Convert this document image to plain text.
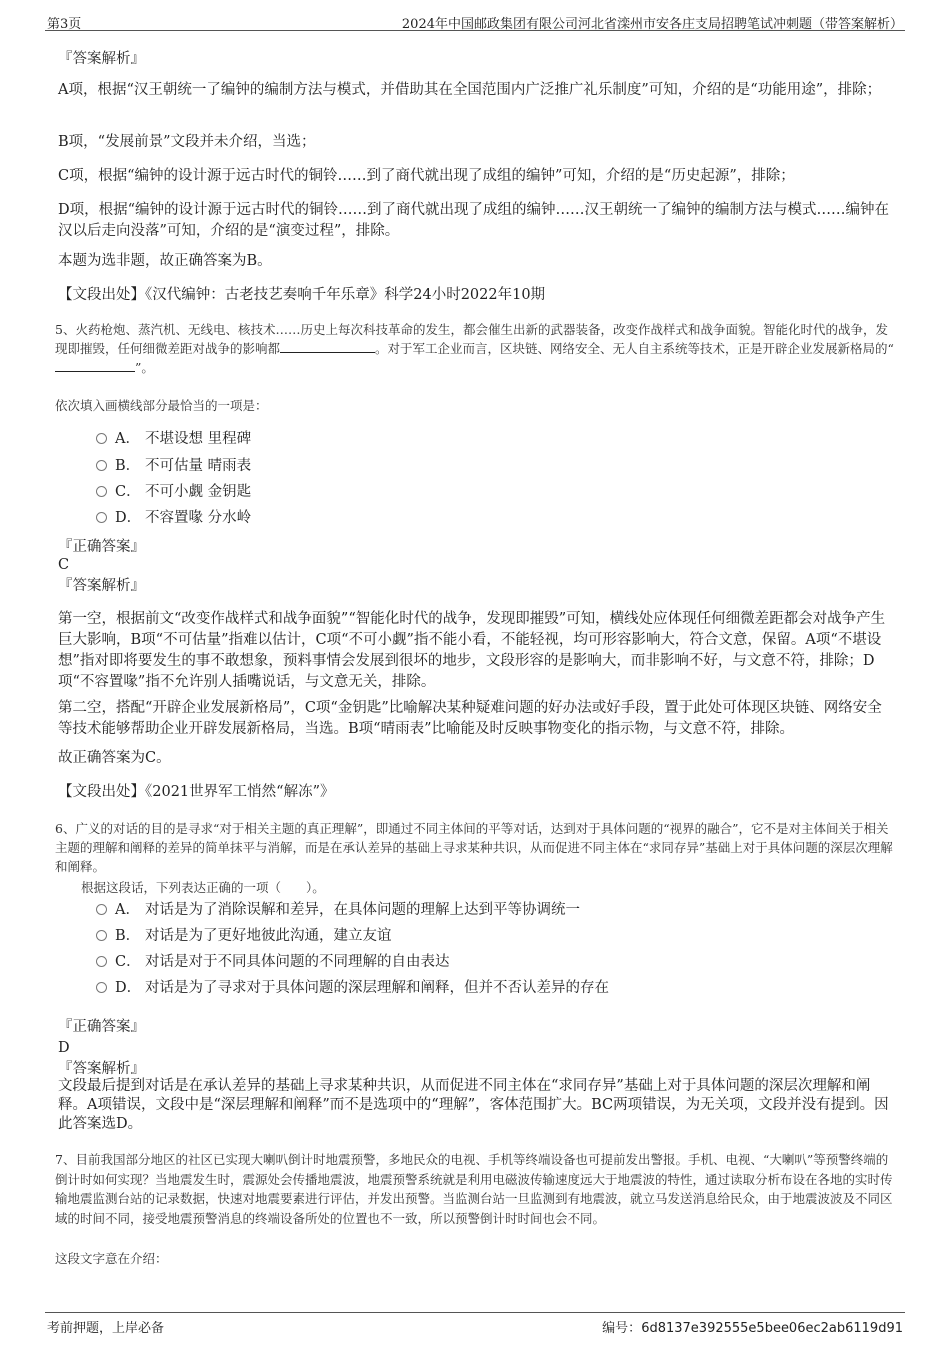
第3页	2024年中国邮政集团有限公司河北省滦州市安各庄支局招聘笔试冲刺题（带答案解析）
『答案解析』
A项，根据“汉王朝统一了编钟的编制方法与模式，并借助其在全国范围内广泛推广礼乐制度”可知，介绍的是“功能用途”，排除；
B项，“发展前景”文段并未介绍，当选；
C项，根据“编钟的设计源于远古时代的铜铃……到了商代就出现了成组的编钟”可知，介绍的是“历史起源”，排除；
D项，根据“编钟的设计源于远古时代的铜铃……到了商代就出现了成组的编钟……汉王朝统一了编钟的编制方法与模式……编钟在汉以后走向没落”可知，介绍的是“演变过程”，排除。
本题为选非题，故正确答案为B。
【文段出处】《汉代编钟：古老技艺奏响千年乐章》科学24小时2022年10期
5、火药枪炮、蒸汽机、无线电、核技术……历史上每次科技革命的发生，都会催生出新的武器装备，改变作战样式和战争面貌。智能化时代的战争，发现即摧毁，任何细微差距对战争的影响都	。对于军工企业而言，区块链、网络安全、无人自主系统等技术，正是开辟企业发展新格局的“”。
依次填入画横线部分最恰当的一项是：
A． 不堪设想 里程碑
B． 不可估量 晴雨表
C． 不可小觑 金钥匙
D． 不容置喙 分水岭
『正确答案』
C
『答案解析』
第一空，根据前文“改变作战样式和战争面貌”“智能化时代的战争，发现即摧毁”可知，横线处应体现任何细微差距都会对战争产生巨大影响，B项“不可估量”指难以估计，C项“不可小觑”指不能小看，不能轻视，均可形容影响大，符合文意，保留。A项“不堪设想”指对即将要发生的事不敢想象，预料事情会发展到很坏的地步，文段形容的是影响大，而非影响不好，与文意不符，排除；D项“不容置喙”指不允许别人插嘴说话，与文意无关，排除。
第二空，搭配“开辟企业发展新格局”，C项“金钥匙”比喻解决某种疑难问题的好办法或好手段，置于此处可体现区块链、网络安全等技术能够帮助企业开辟发展新格局，当选。B项“晴雨表”比喻能及时反映事物变化的指示物，与文意不符，排除。
故正确答案为C。
【文段出处】《2021世界军工悄然“解冻”》
6、广义的对话的目的是寻求“对于相关主题的真正理解”，即通过不同主体间的平等对话，达到对于具体问题的“视界的融合”，它不是对主体间关于相关主题的理解和阐释的差异的简单抹平与消解，而是在承认差异的基础上寻求某种共识，从而促进不同主体在“求同存异”基础上对于具体问题的深层次理解和阐释。
根据这段话，下列表达正确的一项（　　）。
A． 对话是为了消除误解和差异，在具体问题的理解上达到平等协调统一
B． 对话是为了更好地彼此沟通，建立友谊
C． 对话是对于不同具体问题的不同理解的自由表达
D． 对话是为了寻求对于具体问题的深层理解和阐释，但并不否认差异的存在
『正确答案』
D
『答案解析』
文段最后提到对话是在承认差异的基础上寻求某种共识，从而促进不同主体在“求同存异”基础上对于具体问题的深层次理解和阐释。A项错误，文段中是“深层理解和阐释”而不是选项中的“理解”，客体范围扩大。BC两项错误，为无关项，文段并没有提到。因此答案选D。
7、目前我国部分地区的社区已实现大喇叭倒计时地震预警，多地民众的电视、手机等终端设备也可提前发出警报。手机、电视、“大喇叭”等预警终端的倒计时如何实现？当地震发生时，震源处会传播地震波，地震预警系统就是利用电磁波传输速度远大于地震波的特性，通过读取分析布设在各地的实时传输地震监测台站的记录数据，快速对地震要素进行评估，并发出预警。当监测台站一旦监测到有地震波，就立马发送消息给民众，由于地震波波及不同区域的时间不同，接受地震预警消息的终端设备所处的位置也不一致，所以预警倒计时时间也会不同。
这段文字意在介绍：
考前押题，上岸必备	编号：6d8137e392555e5bee06ec2ab6119d91
